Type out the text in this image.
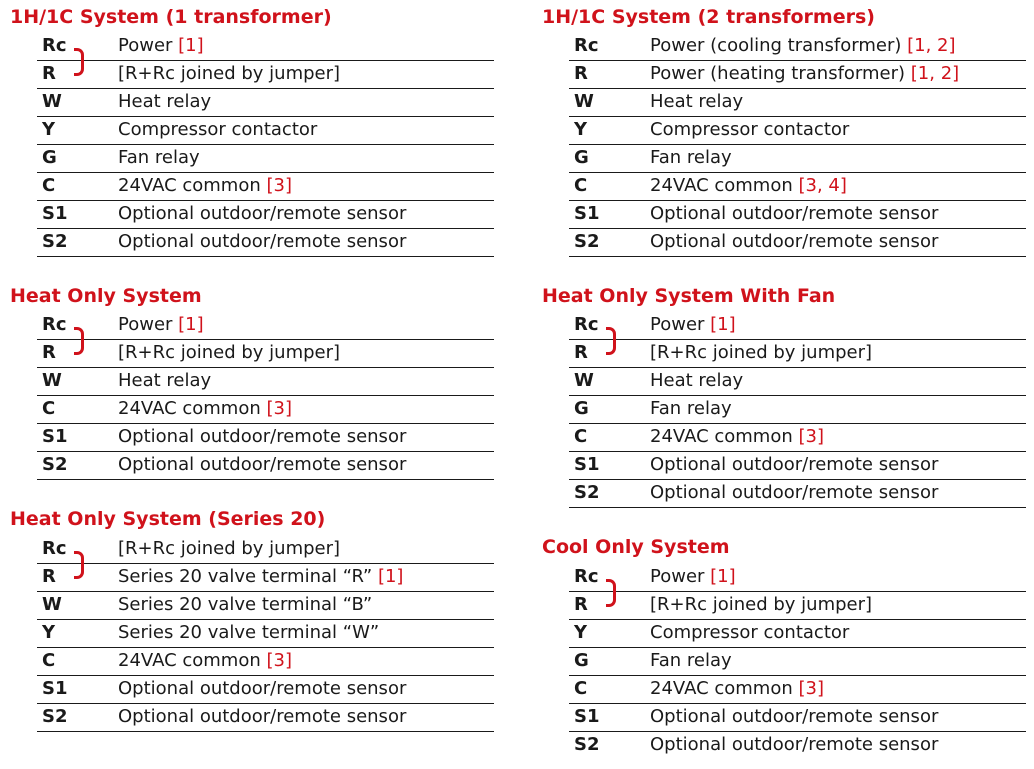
1H/1C System (1 transformer)
Rc	Power [1]
R	[R+Rc joined by jumper]
W	Heat relay
Y	Compressor contactor
G	Fan relay
C	24VAC common [3]
S1	Optional outdoor/remote sensor
S2	Optional outdoor/remote sensor
Heat Only System
Rc	Power [1]
R	[R+Rc joined by jumper]
W	Heat relay
C	24VAC common [3]
S1	Optional outdoor/remote sensor
S2	Optional outdoor/remote sensor
Heat Only System (Series 20)
Rc	[R+Rc joined by jumper]
R	Series 20 valve terminal “R” [1]
W	Series 20 valve terminal “B”
Y	Series 20 valve terminal “W”
C	24VAC common [3]
S1	Optional outdoor/remote sensor
S2	Optional outdoor/remote sensor
1H/1C System (2 transformers)
Rc	Power (cooling transformer) [1, 2]
R	Power (heating transformer) [1, 2]
W	Heat relay
Y	Compressor contactor
G	Fan relay
C	24VAC common [3, 4]
S1	Optional outdoor/remote sensor
S2	Optional outdoor/remote sensor
Heat Only System With Fan
Rc	Power [1]
R	[R+Rc joined by jumper]
W	Heat relay
G	Fan relay
C	24VAC common [3]
S1	Optional outdoor/remote sensor
S2	Optional outdoor/remote sensor
Cool Only System
Rc	Power [1]
R	[R+Rc joined by jumper]
Y	Compressor contactor
G	Fan relay
C	24VAC common [3]
S1	Optional outdoor/remote sensor
S2	Optional outdoor/remote sensor
